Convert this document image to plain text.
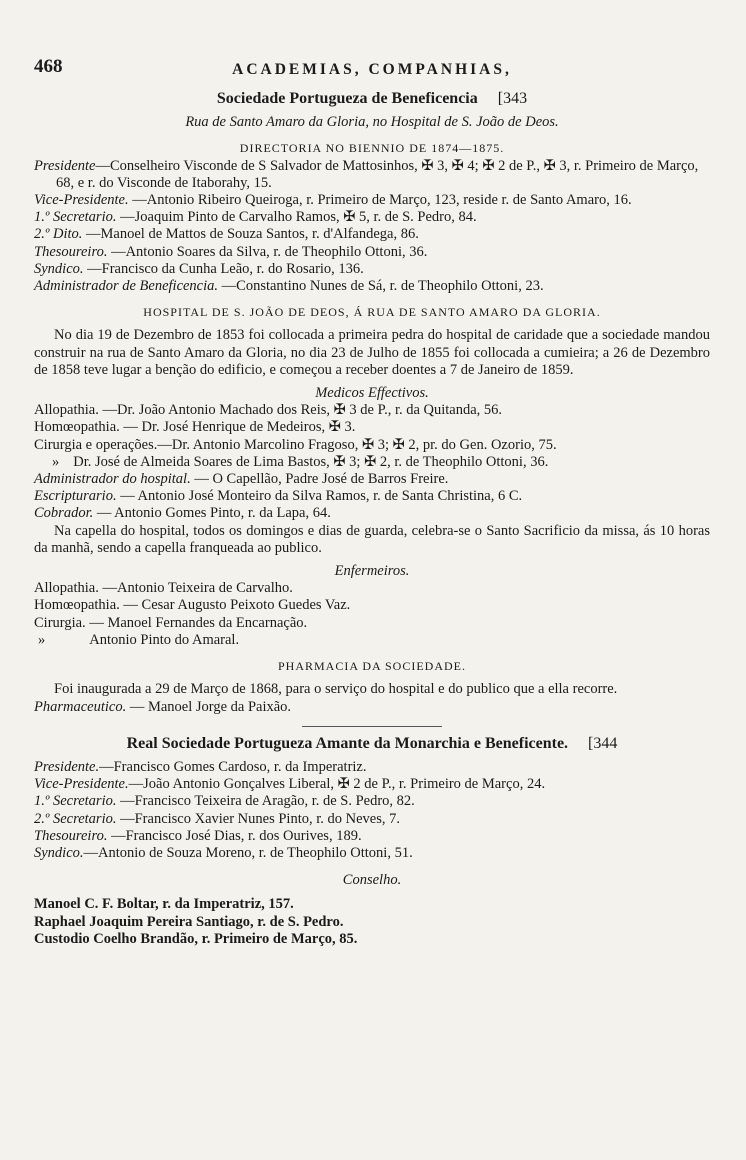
468	ACADEMIAS, COMPANHIAS,
Sociedade Portugueza de Beneficencia [343
Rua de Santo Amaro da Gloria, no Hospital de S. João de Deos.
DIRECTORIA NO BIENNIO DE 1874—1875.
Presidente—Conselheiro Visconde de S Salvador de Mattosinhos, ✠ 3, ✠ 4; ✠ 2 de P., ✠ 3, r. Primeiro de Março, 68, e r. do Visconde de Itaborahy, 15.
Vice-Presidente. —Antonio Ribeiro Queiroga, r. Primeiro de Março, 123, reside r. de Santo Amaro, 16.
1.º Secretario. —Joaquim Pinto de Carvalho Ramos, ✠ 5, r. de S. Pedro, 84.
2.º Dito. —Manoel de Mattos de Souza Santos, r. d'Alfandega, 86.
Thesoureiro. —Antonio Soares da Silva, r. de Theophilo Ottoni, 36.
Syndico. —Francisco da Cunha Leão, r. do Rosario, 136.
Administrador de Beneficencia. —Constantino Nunes de Sá, r. de Theophilo Ottoni, 23.
HOSPITAL DE S. JOÃO DE DEOS, Á RUA DE SANTO AMARO DA GLORIA.
No dia 19 de Dezembro de 1853 foi collocada a primeira pedra do hospital de caridade que a sociedade mandou construir na rua de Santo Amaro da Gloria, no dia 23 de Julho de 1855 foi collocada a cumieira; a 26 de Dezembro de 1858 teve lugar a benção do edificio, e começou a receber doentes a 7 de Janeiro de 1859.
Medicos Effectivos.
Allopathia. —Dr. João Antonio Machado dos Reis, ✠ 3 de P., r. da Quitanda, 56.
Homœopathia. — Dr. José Henrique de Medeiros, ✠ 3.
Cirurgia e operações.—Dr. Antonio Marcolino Fragoso, ✠ 3; ✠ 2, pr. do Gen. Ozorio, 75.
» Dr. José de Almeida Soares de Lima Bastos, ✠ 3; ✠ 2, r. de Theophilo Ottoni, 36.
Administrador do hospital. — O Capellão, Padre José de Barros Freire.
Escripturario. — Antonio José Monteiro da Silva Ramos, r. de Santa Christina, 6 C.
Cobrador. — Antonio Gomes Pinto, r. da Lapa, 64.
Na capella do hospital, todos os domingos e dias de guarda, celebra-se o Santo Sacrificio da missa, ás 10 horas da manhã, sendo a capella franqueada ao publico.
Enfermeiros.
Allopathia. —Antonio Teixeira de Carvalho.
Homœopathia. — Cesar Augusto Peixoto Guedes Vaz.
Cirurgia. — Manoel Fernandes da Encarnação.
»	Antonio Pinto do Amaral.
PHARMACIA DA SOCIEDADE.
Foi inaugurada a 29 de Março de 1868, para o serviço do hospital e do publico que a ella recorre.
Pharmaceutico. — Manoel Jorge da Paixão.
Real Sociedade Portugueza Amante da Monarchia e Beneficente. [344
Presidente.—Francisco Gomes Cardoso, r. da Imperatriz.
Vice-Presidente.—João Antonio Gonçalves Liberal, ✠ 2 de P., r. Primeiro de Março, 24.
1.º Secretario. —Francisco Teixeira de Aragão, r. de S. Pedro, 82.
2.º Secretario. —Francisco Xavier Nunes Pinto, r. do Neves, 7.
Thesoureiro. —Francisco José Dias, r. dos Ourives, 189.
Syndico.—Antonio de Souza Moreno, r. de Theophilo Ottoni, 51.
Conselho.
Manoel C. F. Boltar, r. da Imperatriz, 157.
Raphael Joaquim Pereira Santiago, r. de S. Pedro.
Custodio Coelho Brandão, r. Primeiro de Março, 85.
